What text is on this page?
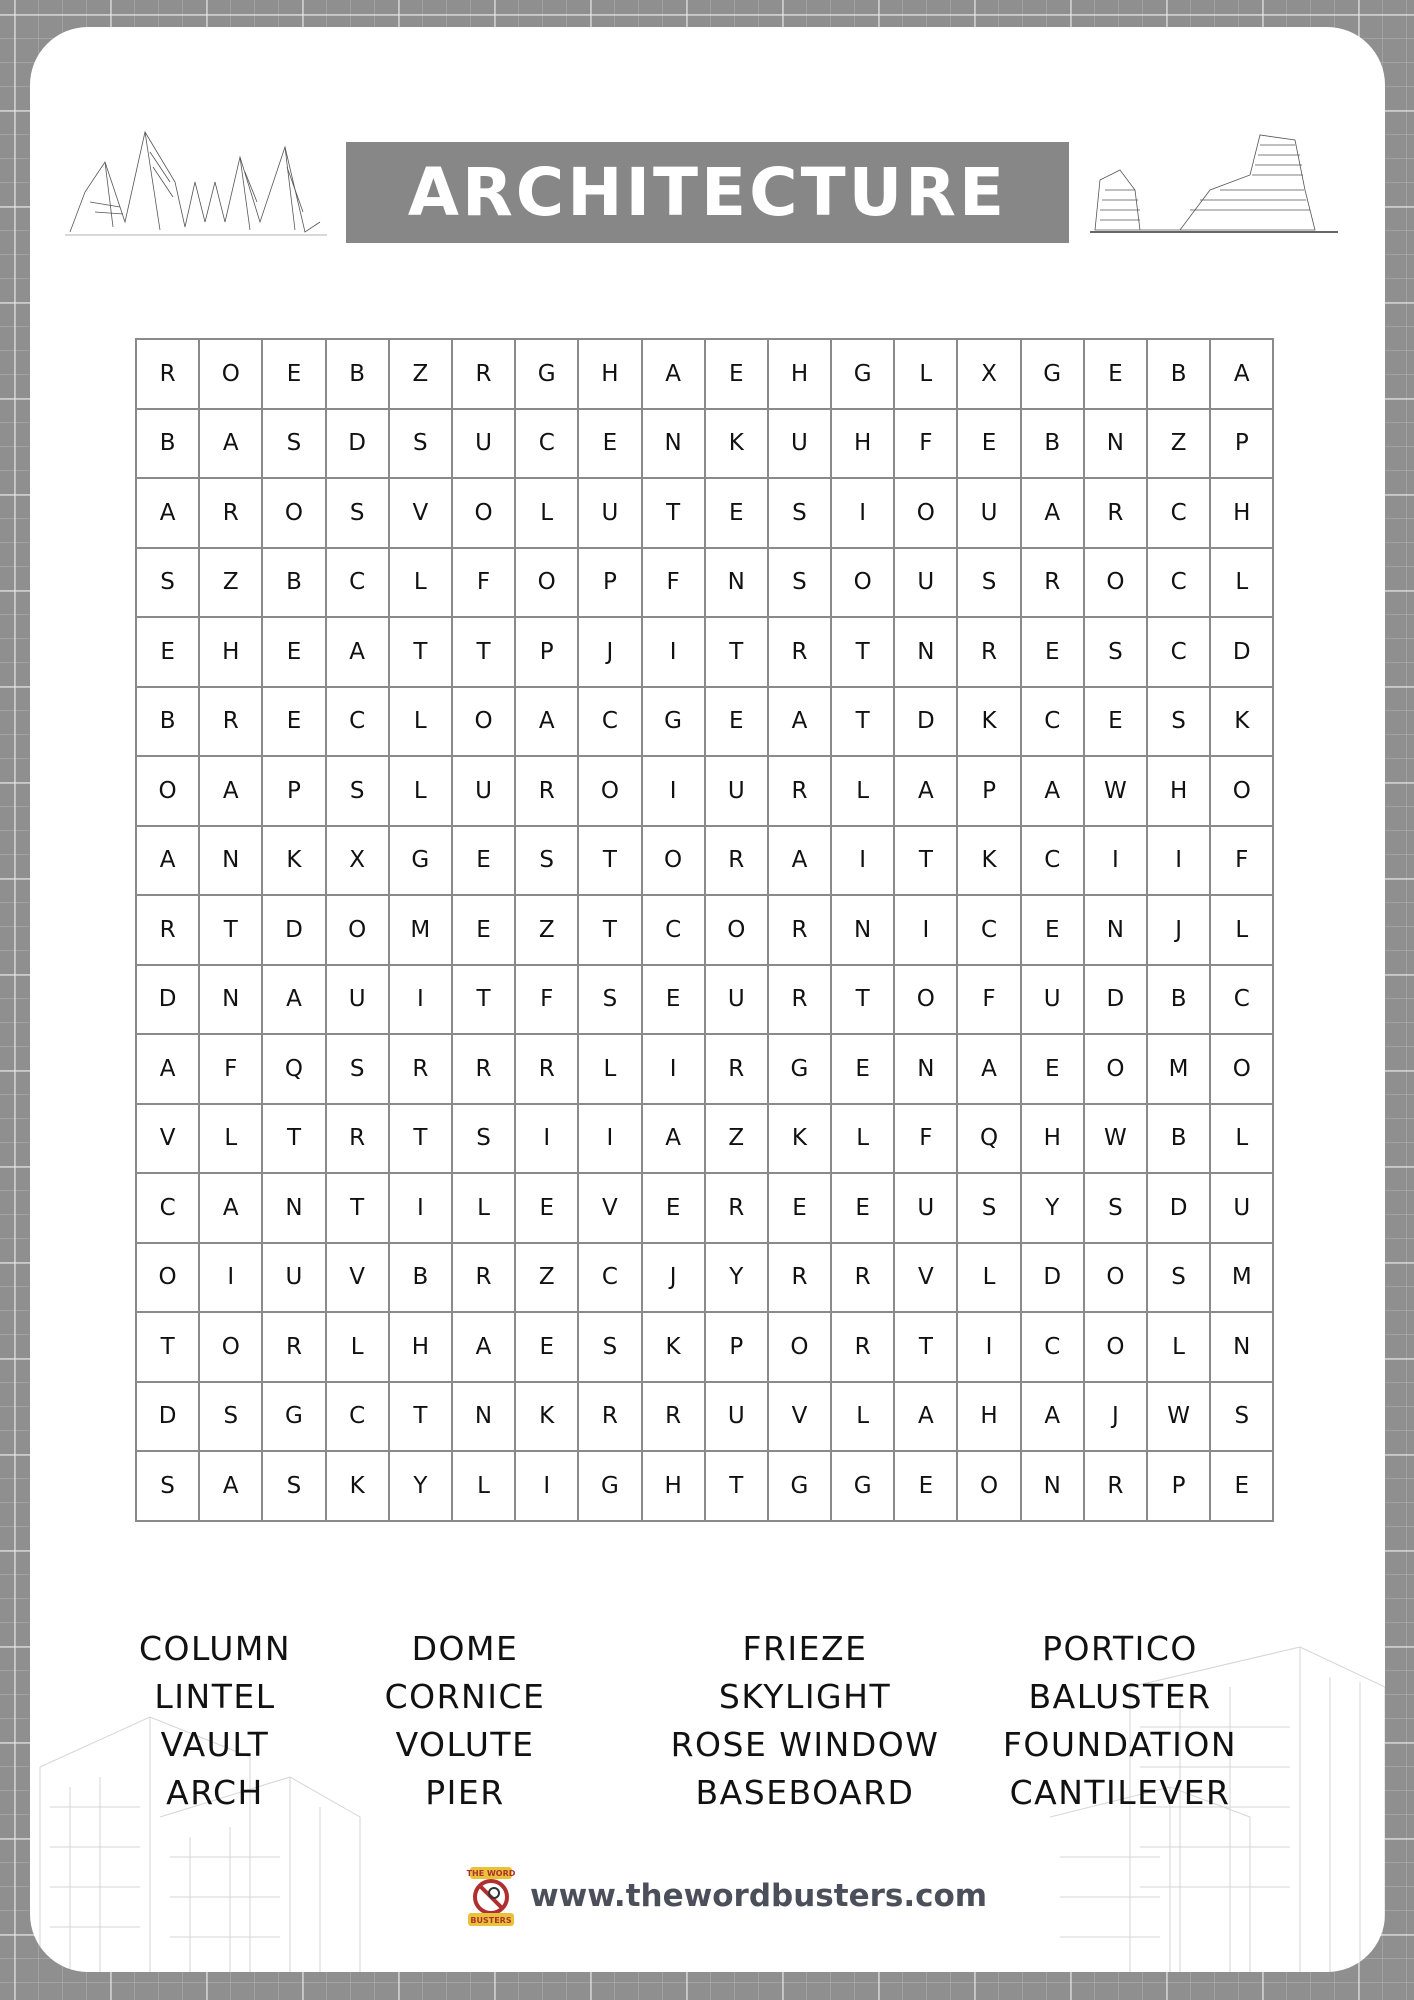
ARCHITECTURE
R	O	E	B	Z	R	G	H	A	E	H	G	L	X	G	E	B	A
B	A	S	D	S	U	C	E	N	K	U	H	F	E	B	N	Z	P
A	R	O	S	V	O	L	U	T	E	S	I	O	U	A	R	C	H
S	Z	B	C	L	F	O	P	F	N	S	O	U	S	R	O	C	L
E	H	E	A	T	T	P	J	I	T	R	T	N	R	E	S	C	D
B	R	E	C	L	O	A	C	G	E	A	T	D	K	C	E	S	K
O	A	P	S	L	U	R	O	I	U	R	L	A	P	A	W	H	O
A	N	K	X	G	E	S	T	O	R	A	I	T	K	C	I	I	F
R	T	D	O	M	E	Z	T	C	O	R	N	I	C	E	N	J	L
D	N	A	U	I	T	F	S	E	U	R	T	O	F	U	D	B	C
A	F	Q	S	R	R	R	L	I	R	G	E	N	A	E	O	M	O
V	L	T	R	T	S	I	I	A	Z	K	L	F	Q	H	W	B	L
C	A	N	T	I	L	E	V	E	R	E	E	U	S	Y	S	D	U
O	I	U	V	B	R	Z	C	J	Y	R	R	V	L	D	O	S	M
T	O	R	L	H	A	E	S	K	P	O	R	T	I	C	O	L	N
D	S	G	C	T	N	K	R	R	U	V	L	A	H	A	J	W	S
S	A	S	K	Y	L	I	G	H	T	G	G	E	O	N	R	P	E
COLUMN
LINTEL
VAULT
ARCH
DOME
CORNICE
VOLUTE
PIER
FRIEZE
SKYLIGHT
ROSE WINDOW
BASEBOARD
PORTICO
BALUSTER
FOUNDATION
CANTILEVER
THE WORD
BUSTERS
www.thewordbusters.com
